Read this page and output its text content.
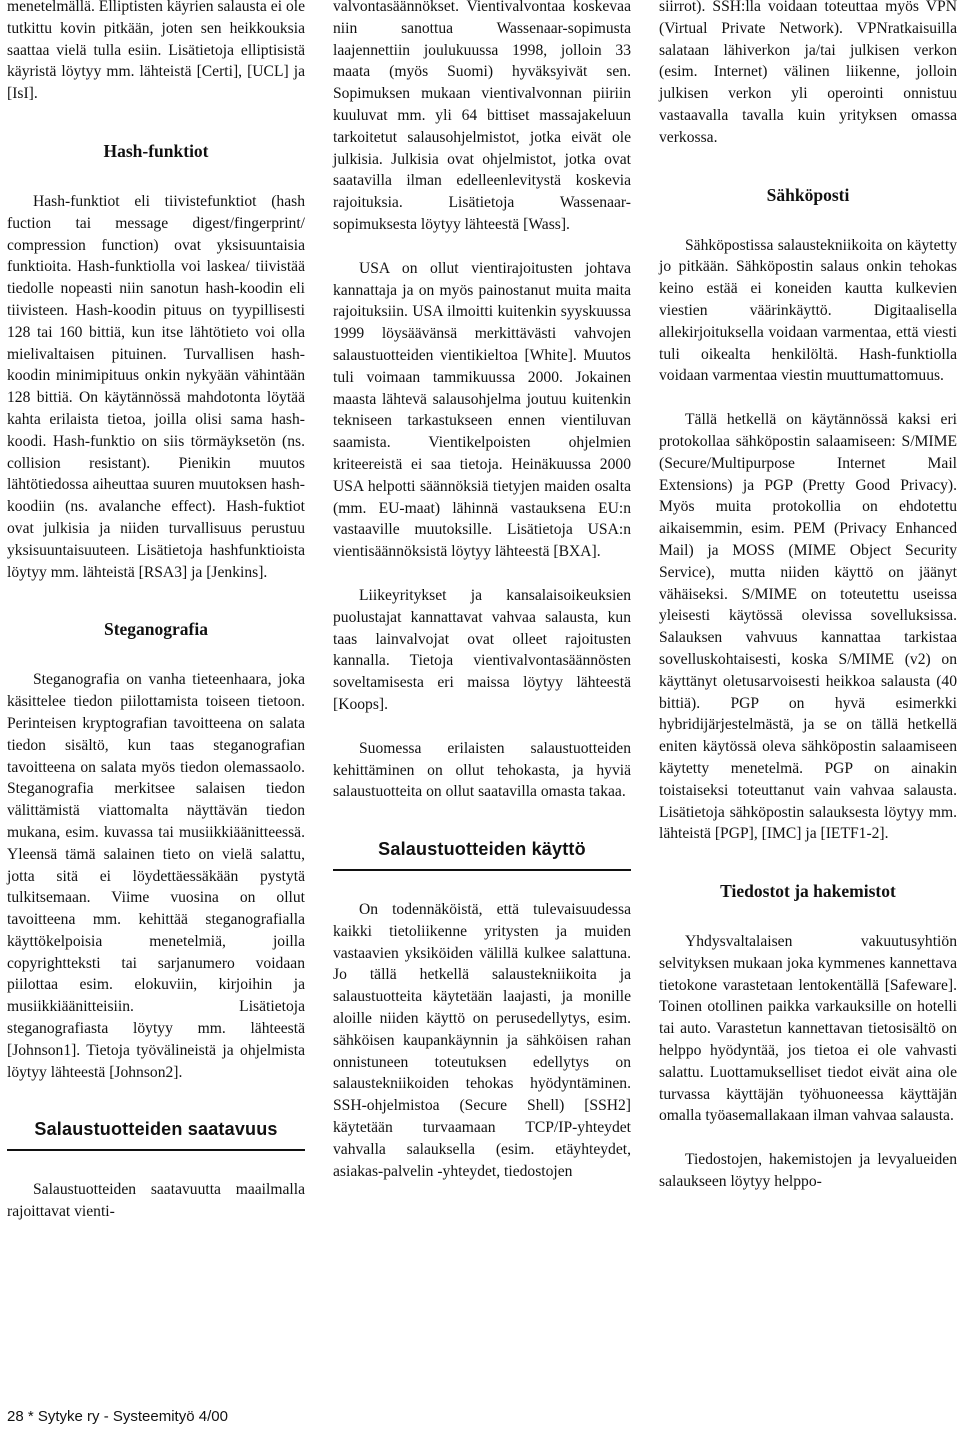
menetelmällä. Elliptisten käyrien salausta ei ole tutkittu kovin pitkään, joten sen heikkouksia saattaa vielä tulla esiin. Lisätietoja elliptisistä käyristä löytyy mm. lähteistä [Certi], [UCL] ja [IsI].

Hash-funktiot

Hash-funktiot eli tiivistefunktiot (hash fuction tai message digest/fingerprint/ compression function) ovat yksisuuntaisia funktioita. Hash-funktiolla voi laskea/ tiivistää tiedolle nopeasti niin sanotun hash-koodin eli tiivisteen. Hash-koodin pituus on tyypillisesti 128 tai 160 bittiä, kun itse lähtötieto voi olla mielivaltaisen pituinen. Turvallisen hash-koodin minimipituus onkin nykyään vähintään 128 bittiä. On käytännössä mahdotonta löytää kahta erilaista tietoa, joilla olisi sama hash-koodi. Hash-funktio on siis törmäyksetön (ns. collision resistant). Pienikin muutos lähtötiedossa aiheuttaa suuren muutoksen hash-koodiin (ns. avalanche effect). Hash-fuktiot ovat julkisia ja niiden turvallisuus perustuu yksisuuntaisuuteen. Lisätietoja hashfunktioista löytyy mm. lähteistä [RSA3] ja [Jenkins].

Steganografia

Steganografia on vanha tieteenhaara, joka käsittelee tiedon piilottamista toiseen tietoon. Perinteisen kryptografian tavoitteena on salata tiedon sisältö, kun taas steganografian tavoitteena on salata myös tiedon olemassaolo. Steganografia merkitsee salaisen tiedon välittämistä viattomalta näyttävän tiedon mukana, esim. kuvassa tai musiikkiäänitteessä. Yleensä tämä salainen tieto on vielä salattu, jotta sitä ei löydettäessäkään pystytä tulkitsemaan. Viime vuosina on ollut tavoitteena mm. kehittää steganografialla käyttökelpoisia menetelmiä, joilla copyrightteksti tai sarjanumero voidaan piilottaa esim. elokuviin, kirjoihin ja musiikkiäänitteisiin. Lisätietoja steganografiasta löytyy mm. lähteestä [Johnson1]. Tietoja työvälineistä ja ohjelmista löytyy lähteestä [Johnson2].

Salaustuotteiden saatavuus

Salaustuotteiden saatavuutta maailmalla rajoittavat vienti-

valvontasäännökset. Vientivalvontaa koskevaa niin sanottua Wassenaar-sopimusta laajennettiin joulukuussa 1998, jolloin 33 maata (myös Suomi) hyväksyivät sen. Sopimuksen mukaan vientivalvonnan piiriin kuuluvat mm. yli 64 bittiset massajakeluun tarkoitetut salausohjelmistot, jotka eivät ole julkisia. Julkisia ovat ohjelmistot, jotka ovat saatavilla ilman edelleenlevitystä koskevia rajoituksia. Lisätietoja Wassenaar-sopimuksesta löytyy lähteestä [Wass].

USA on ollut vientirajoitusten johtava kannattaja ja on myös painostanut muita maita rajoituksiin. USA ilmoitti kuitenkin syyskuussa 1999 löysäävänsä merkittävästi vahvojen salaustuotteiden vientikieltoa [White]. Muutos tuli voimaan tammikuussa 2000. Jokainen maasta lähtevä salausohjelma joutuu kuitenkin tekniseen tarkastukseen ennen vientiluvan saamista. Vientikelpoisten ohjelmien kriteereistä ei saa tietoja. Heinäkuussa 2000 USA helpotti säännöksiä tietyjen maiden osalta (mm. EU-maat) lähinnä vastauksena EU:n vastaaville muutoksille. Lisätietoja USA:n vientisäännöksistä löytyy lähteestä [BXA].

Liikeyritykset ja kansalaisoikeuksien puolustajat kannattavat vahvaa salausta, kun taas lainvalvojat ovat olleet rajoitusten kannalla. Tietoja vientivalvontasäännösten soveltamisesta eri maissa löytyy lähteestä [Koops].

Suomessa erilaisten salaustuotteiden kehittäminen on ollut tehokasta, ja hyviä salaustuotteita on ollut saatavilla omasta takaa.

Salaustuotteiden käyttö

On todennäköistä, että tulevaisuudessa kaikki tietoliikenne yritysten ja muiden vastaavien yksiköiden välillä kulkee salattuna. Jo tällä hetkellä salaustekniikoita ja salaustuotteita käytetään laajasti, ja monille aloille niiden käyttö on perusedellytys, esim. sähköisen kaupankäynnin ja sähköisen rahan onnistuneen toteutuksen edellytys on salaustekniikoiden tehokas hyödyntäminen. SSH-ohjelmistoa (Secure Shell) [SSH2] käytetään turvaamaan TCP/IP-yhteydet vahvalla salauksella (esim. etäyhteydet, asiakas-palvelin -yhteydet, tiedostojen

siirrot). SSH:lla voidaan toteuttaa myös VPN (Virtual Private Network). VPNratkaisuilla salataan lähiverkon ja/tai julkisen verkon (esim. Internet) välinen liikenne, jolloin julkisen verkon yli operointi onnistuu vastaavalla tavalla kuin yrityksen omassa verkossa.

Sähköposti

Sähköpostissa salaustekniikoita on käytetty jo pitkään. Sähköpostin salaus onkin tehokas keino estää ei koneiden kautta kulkevien viestien väärinkäyttö. Digitaalisella allekirjoituksella voidaan varmentaa, että viesti tuli oikealta henkilöltä. Hash-funktiolla voidaan varmentaa viestin muuttumattomuus.

Tällä hetkellä on käytännössä kaksi eri protokollaa sähköpostin salaamiseen: S/MIME (Secure/Multipurpose Internet Mail Extensions) ja PGP (Pretty Good Privacy). Myös muita protokollia on ehdotettu aikaisemmin, esim. PEM (Privacy Enhanced Mail) ja MOSS (MIME Object Security Service), mutta niiden käyttö on jäänyt vähäiseksi. S/MIME on toteutettu useissa yleisesti käytössä olevissa sovelluksissa. Salauksen vahvuus kannattaa tarkistaa sovelluskohtaisesti, koska S/MIME (v2) on käyttänyt oletusarvoisesti heikkoa salausta (40 bittiä). PGP on hyvä esimerkki hybridijärjestelmästä, ja se on tällä hetkellä eniten käytössä oleva sähköpostin salaamiseen käytetty menetelmä. PGP on ainakin toistaiseksi toteuttanut vain vahvaa salausta. Lisätietoja sähköpostin salauksesta löytyy mm. lähteistä [PGP], [IMC] ja [IETF1-2].

Tiedostot ja hakemistot

Yhdysvaltalaisen vakuutusyhtiön selvityksen mukaan joka kymmenes kannettava tietokone varastetaan lentokentällä [Safeware]. Toinen otollinen paikka varkauksille on hotelli tai auto. Varastetun kannettavan tietosisältö on helppo hyödyntää, jos tietoa ei ole vahvasti salattu. Luottamukselliset tiedot eivät aina ole turvassa käyttäjän työhuoneessa käyttäjän omalla työasemallakaan ilman vahvaa salausta.

Tiedostojen, hakemistojen ja levyalueiden salaukseen löytyy helppo-

28 * Sytyke ry - Systeemityö 4/00
